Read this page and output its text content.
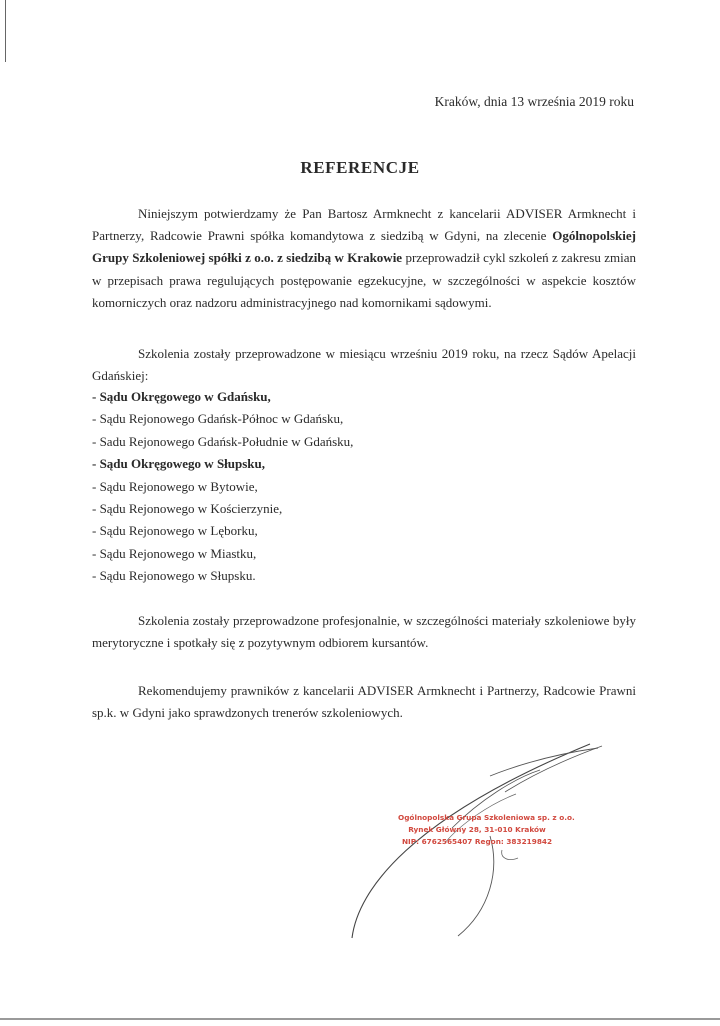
Kraków, dnia 13 września 2019 roku
REFERENCJE

Niniejszym potwierdzamy że Pan Bartosz Armknecht z kancelarii ADVISER Armknecht i Partnerzy, Radcowie Prawni spółka komandytowa z siedzibą w Gdyni, na zlecenie Ogólnopolskiej Grupy Szkoleniowej spółki z o.o. z siedzibą w Krakowie przeprowadził cykl szkoleń z zakresu zmian w przepisach prawa regulujących postępowanie egzekucyjne, w szczególności w aspekcie kosztów komorniczych oraz nadzoru administracyjnego nad komornikami sądowymi.

Szkolenia zostały przeprowadzone w miesiącu wrześniu 2019 roku, na rzecz Sądów Apelacji Gdańskiej:

- Sądu Okręgowego w Gdańsku,
- Sądu Rejonowego Gdańsk-Północ w Gdańsku,
- Sadu Rejonowego Gdańsk-Południe w Gdańsku,
- Sądu Okręgowego w Słupsku,
- Sądu Rejonowego w Bytowie,
- Sądu Rejonowego w Kościerzynie,
- Sądu Rejonowego w Lęborku,
- Sądu Rejonowego w Miastku,
- Sądu Rejonowego w Słupsku.

Szkolenia zostały przeprowadzone profesjonalnie, w szczególności materiały szkoleniowe były merytoryczne i spotkały się z pozytywnym odbiorem kursantów.

Rekomendujemy prawników z kancelarii ADVISER Armknecht i Partnerzy, Radcowie Prawni sp.k. w Gdyni jako sprawdzonych trenerów szkoleniowych.

Ogólnopolska Grupa Szkoleniowa sp. z o.o.
Rynek Główny 28, 31-010 Kraków
NIP: 6762565407 Regon: 383219842
